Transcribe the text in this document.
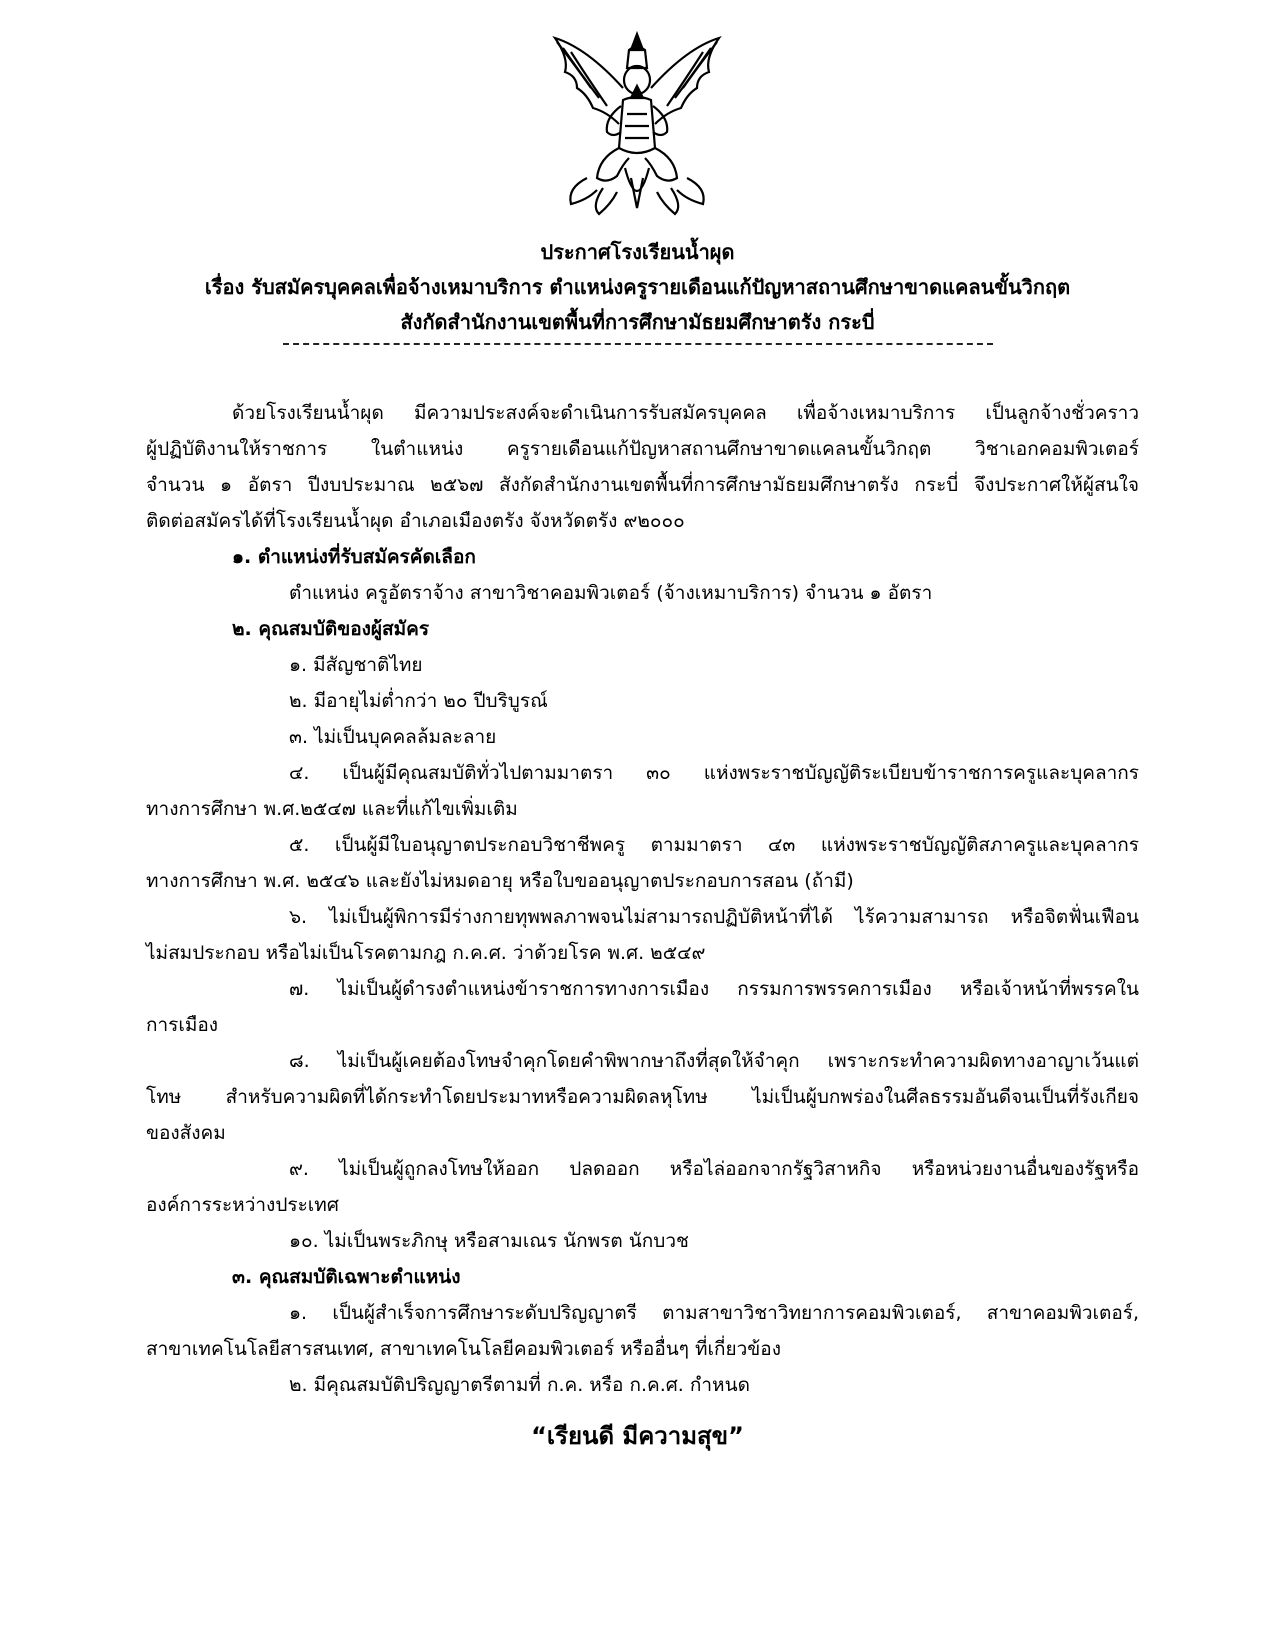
ประกาศโรงเรียนน้ำผุด
เรื่อง รับสมัครบุคคลเพื่อจ้างเหมาบริการ ตำแหน่งครูรายเดือนแก้ปัญหาสถานศึกษาขาดแคลนขั้นวิกฤต
สังกัดสำนักงานเขตพื้นที่การศึกษามัธยมศึกษาตรัง กระบี่
ด้วยโรงเรียนน้ำผุด มีความประสงค์จะดำเนินการรับสมัครบุคคล เพื่อจ้างเหมาบริการ เป็นลูกจ้างชั่วคราว
ผู้ปฏิบัติงานให้ราชการ ในตำแหน่ง ครูรายเดือนแก้ปัญหาสถานศึกษาขาดแคลนขั้นวิกฤต วิชาเอกคอมพิวเตอร์
จำนวน ๑ อัตรา ปีงบประมาณ ๒๕๖๗ สังกัดสำนักงานเขตพื้นที่การศึกษามัธยมศึกษาตรัง กระบี่ จึงประกาศให้ผู้สนใจ
ติดต่อสมัครได้ที่โรงเรียนน้ำผุด อำเภอเมืองตรัง จังหวัดตรัง ๙๒๐๐๐
๑. ตำแหน่งที่รับสมัครคัดเลือก
ตำแหน่ง ครูอัตราจ้าง สาขาวิชาคอมพิวเตอร์ (จ้างเหมาบริการ) จำนวน ๑ อัตรา
๒. คุณสมบัติของผู้สมัคร
๑. มีสัญชาติไทย
๒. มีอายุไม่ต่ำกว่า ๒๐ ปีบริบูรณ์
๓. ไม่เป็นบุคคลล้มละลาย
๔. เป็นผู้มีคุณสมบัติทั่วไปตามมาตรา ๓๐ แห่งพระราชบัญญัติระเบียบข้าราชการครูและบุคลากร
ทางการศึกษา พ.ศ.๒๕๔๗ และที่แก้ไขเพิ่มเติม
๕. เป็นผู้มีใบอนุญาตประกอบวิชาชีพครู ตามมาตรา ๔๓ แห่งพระราชบัญญัติสภาครูและบุคลากร
ทางการศึกษา พ.ศ. ๒๕๔๖ และยังไม่หมดอายุ หรือใบขออนุญาตประกอบการสอน (ถ้ามี)
๖. ไม่เป็นผู้พิการมีร่างกายทุพพลภาพจนไม่สามารถปฏิบัติหน้าที่ได้ ไร้ความสามารถ หรือจิตฟั่นเฟือน
ไม่สมประกอบ หรือไม่เป็นโรคตามกฎ ก.ค.ศ. ว่าด้วยโรค พ.ศ. ๒๕๔๙
๗. ไม่เป็นผู้ดำรงตำแหน่งข้าราชการทางการเมือง กรรมการพรรคการเมือง หรือเจ้าหน้าที่พรรคใน
การเมือง
๘. ไม่เป็นผู้เคยต้องโทษจำคุกโดยคำพิพากษาถึงที่สุดให้จำคุก เพราะกระทำความผิดทางอาญาเว้นแต่
โทษ สำหรับความผิดที่ได้กระทำโดยประมาทหรือความผิดลหุโทษ ไม่เป็นผู้บกพร่องในศีลธรรมอันดีจนเป็นที่รังเกียจ
ของสังคม
๙. ไม่เป็นผู้ถูกลงโทษให้ออก ปลดออก หรือไล่ออกจากรัฐวิสาหกิจ หรือหน่วยงานอื่นของรัฐหรือ
องค์การระหว่างประเทศ
๑๐. ไม่เป็นพระภิกษุ หรือสามเณร นักพรต นักบวช
๓. คุณสมบัติเฉพาะตำแหน่ง
๑. เป็นผู้สำเร็จการศึกษาระดับปริญญาตรี ตามสาขาวิชาวิทยาการคอมพิวเตอร์, สาขาคอมพิวเตอร์,
สาขาเทคโนโลยีสารสนเทศ, สาขาเทคโนโลยีคอมพิวเตอร์ หรืออื่นๆ ที่เกี่ยวข้อง
๒. มีคุณสมบัติปริญญาตรีตามที่ ก.ค. หรือ ก.ค.ศ. กำหนด
“เรียนดี มีความสุข”
